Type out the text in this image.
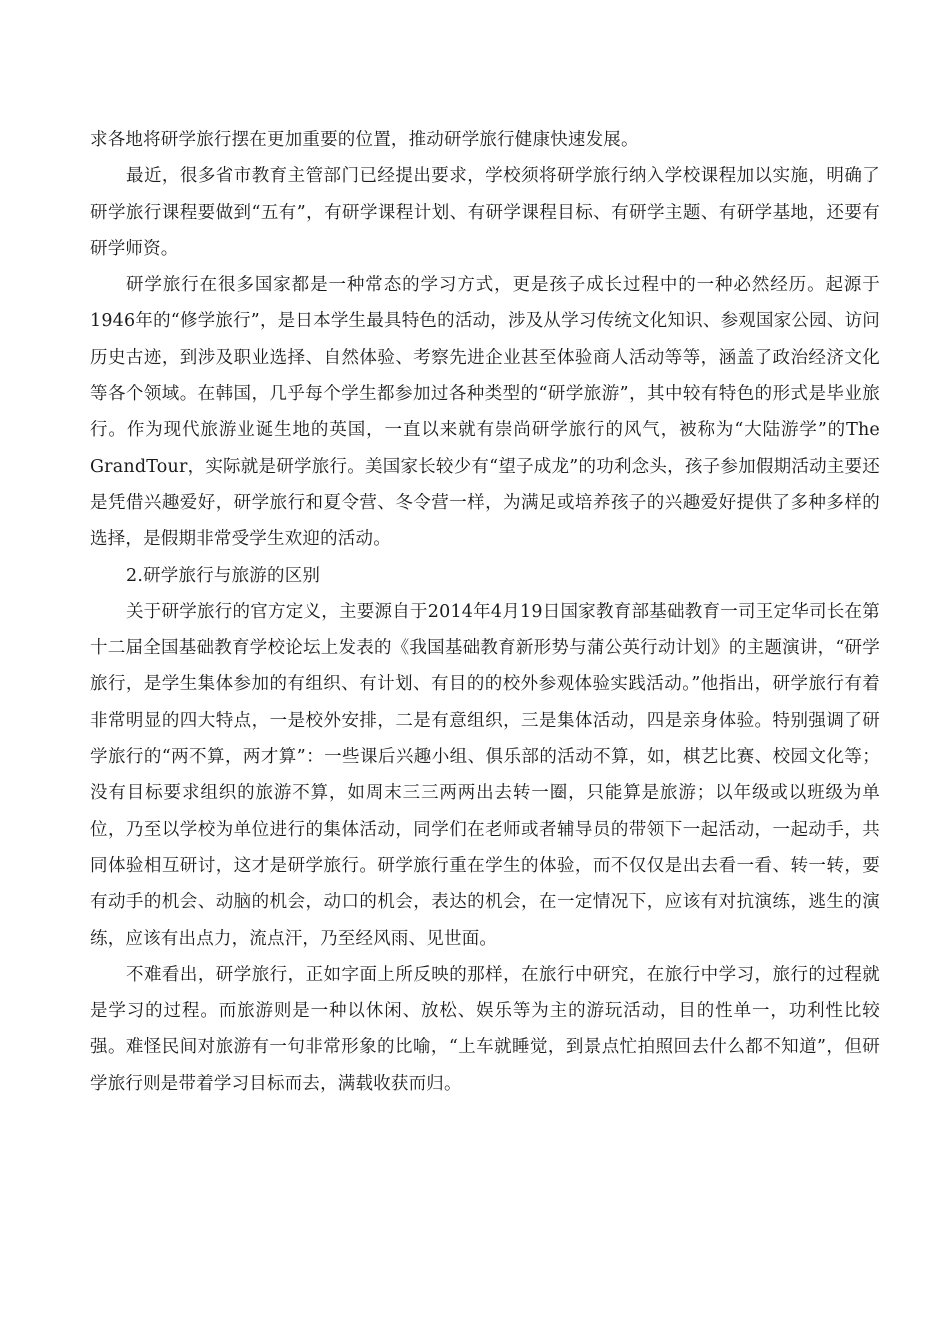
求各地将研学旅行摆在更加重要的位置，推动研学旅行健康快速发展。

最近，很多省市教育主管部门已经提出要求，学校须将研学旅行纳入学校课程加以实施，明确了研学旅行课程要做到“五有”，有研学课程计划、有研学课程目标、有研学主题、有研学基地，还要有研学师资。

研学旅行在很多国家都是一种常态的学习方式，更是孩子成长过程中的一种必然经历。起源于1946年的“修学旅行”，是日本学生最具特色的活动，涉及从学习传统文化知识、参观国家公园、访问历史古迹，到涉及职业选择、自然体验、考察先进企业甚至体验商人活动等等，涵盖了政治经济文化等各个领域。在韩国，几乎每个学生都参加过各种类型的“研学旅游”，其中较有特色的形式是毕业旅行。作为现代旅游业诞生地的英国，一直以来就有崇尚研学旅行的风气，被称为“大陆游学”的The GrandTour，实际就是研学旅行。美国家长较少有“望子成龙”的功利念头，孩子参加假期活动主要还是凭借兴趣爱好，研学旅行和夏令营、冬令营一样，为满足或培养孩子的兴趣爱好提供了多种多样的选择，是假期非常受学生欢迎的活动。

2.研学旅行与旅游的区别

关于研学旅行的官方定义，主要源自于2014年4月19日国家教育部基础教育一司王定华司长在第十二届全国基础教育学校论坛上发表的《我国基础教育新形势与蒲公英行动计划》的主题演讲，“研学旅行，是学生集体参加的有组织、有计划、有目的的校外参观体验实践活动。”他指出，研学旅行有着非常明显的四大特点，一是校外安排，二是有意组织，三是集体活动，四是亲身体验。特别强调了研学旅行的“两不算，两才算”：一些课后兴趣小组、俱乐部的活动不算，如，棋艺比赛、校园文化等；没有目标要求组织的旅游不算，如周末三三两两出去转一圈，只能算是旅游；以年级或以班级为单位，乃至以学校为单位进行的集体活动，同学们在老师或者辅导员的带领下一起活动，一起动手，共同体验相互研讨，这才是研学旅行。研学旅行重在学生的体验，而不仅仅是出去看一看、转一转，要有动手的机会、动脑的机会，动口的机会，表达的机会，在一定情况下，应该有对抗演练，逃生的演练，应该有出点力，流点汗，乃至经风雨、见世面。

不难看出，研学旅行，正如字面上所反映的那样，在旅行中研究，在旅行中学习，旅行的过程就是学习的过程。而旅游则是一种以休闲、放松、娱乐等为主的游玩活动，目的性单一，功利性比较强。难怪民间对旅游有一句非常形象的比喻，“上车就睡觉，到景点忙拍照回去什么都不知道”，但研学旅行则是带着学习目标而去，满载收获而归。
